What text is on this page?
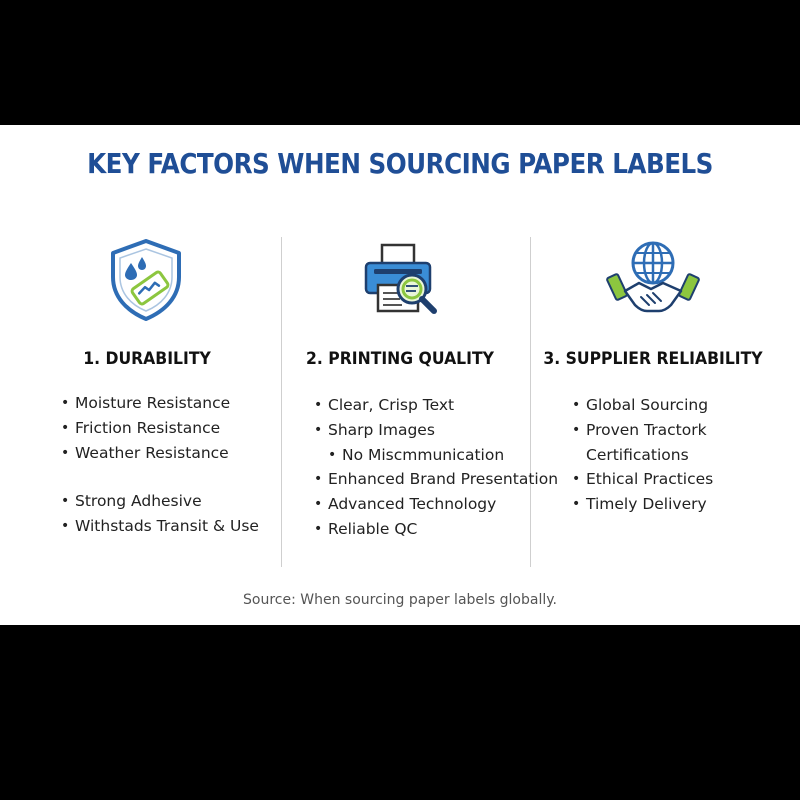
KEY FACTORS WHEN SOURCING PAPER LABELS
1. DURABILITY
• Moisture Resistance
• Friction Resistance
• Weather Resistance
• Strong Adhesive
• Withstads Transit & Use
2. PRINTING QUALITY
• Clear, Crisp Text
• Sharp Images
• No Miscmmunication
• Enhanced Brand Presentation
• Advanced Technology
• Reliable QC
3. SUPPLIER RELIABILITY
• Global Sourcing
• Proven Tractork
Certifications
• Ethical Practices
• Timely Delivery
Source: When sourcing paper labels globally.
